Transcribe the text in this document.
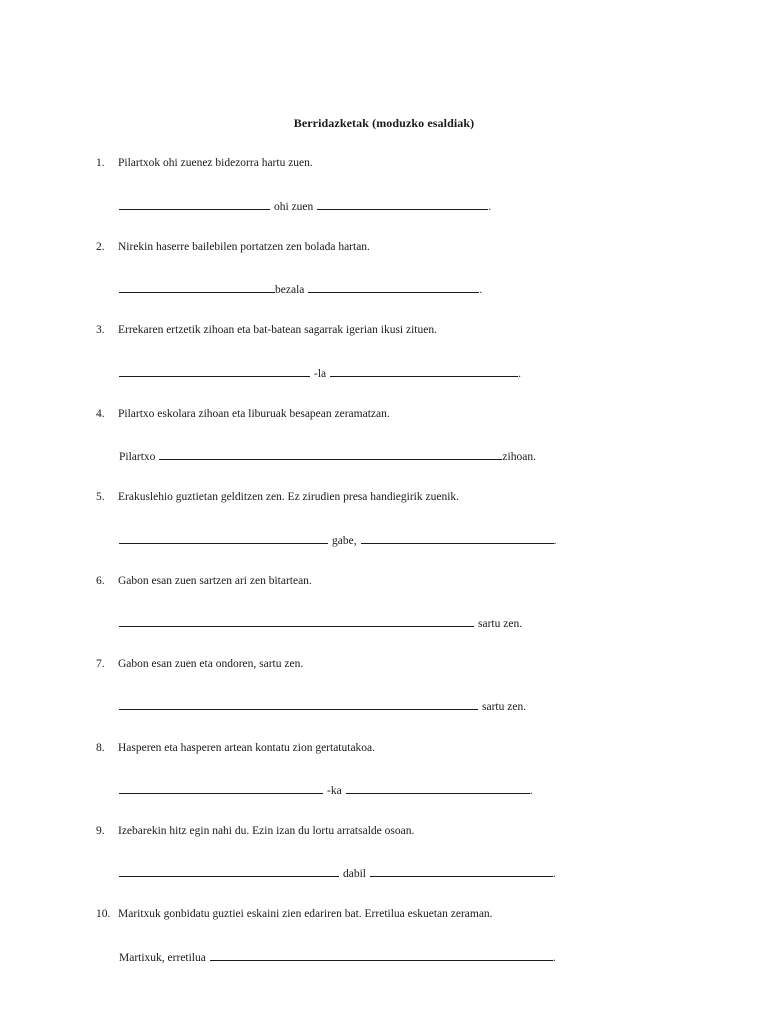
Berridazketak (moduzko esaldiak)
1. Pilartxok ohi zuenez bidezorra hartu zuen.
ohi zuen	.
2. Nirekin haserre bailebilen portatzen zen bolada hartan.
bezala	.
3. Errekaren ertzetik zihoan eta bat-batean sagarrak igerian ikusi zituen.
-la	.
4. Pilartxo eskolara zihoan eta liburuak besapean zeramatzan.
Pilartxo	zihoan.
5. Erakuslehio guztietan gelditzen zen. Ez zirudien presa handiegirik zuenik.
gabe,	.
6. Gabon esan zuen sartzen ari zen bitartean.
sartu zen.
7. Gabon esan zuen eta ondoren, sartu zen.
sartu zen.
8. Hasperen eta hasperen artean kontatu zion gertatutakoa.
-ka	.
9. Izebarekin hitz egin nahi du. Ezin izan du lortu arratsalde osoan.
dabil	.
10. Maritxuk gonbidatu guztiei eskaini zien edariren bat. Erretilua eskuetan zeraman.
Martixuk, erretilua	.
